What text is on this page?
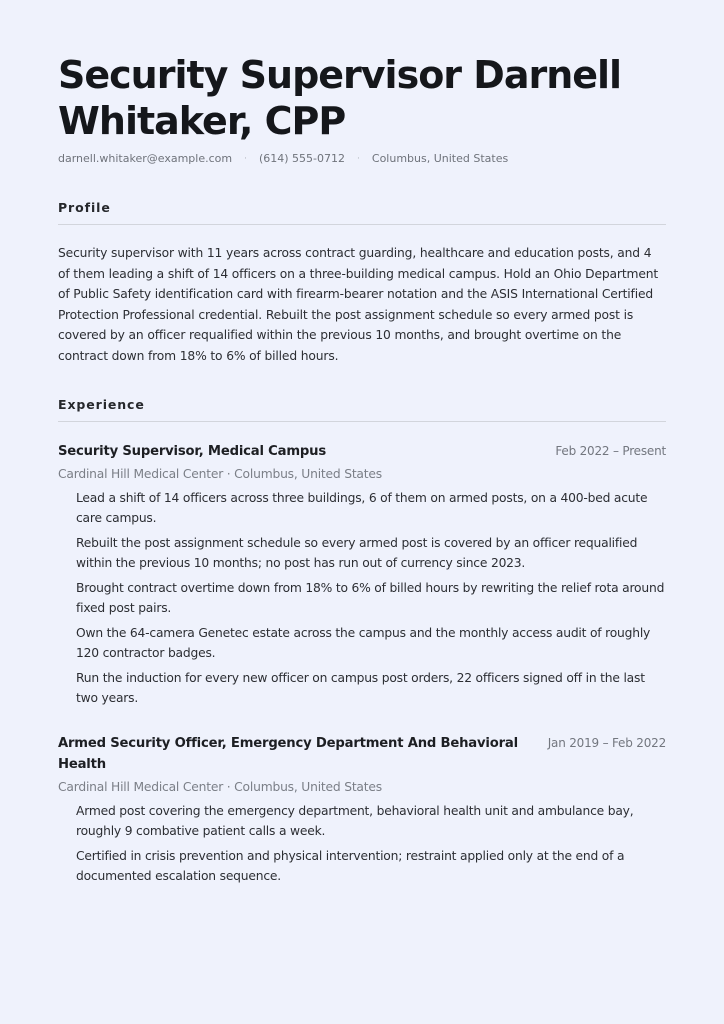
Security Supervisor Darnell Whitaker, CPP
darnell.whitaker@example.com · (614) 555-0712 · Columbus, United States
Profile

Security supervisor with 11 years across contract guarding, healthcare and education posts, and 4 of them leading a shift of 14 officers on a three-building medical campus. Hold an Ohio Department of Public Safety identification card with firearm-bearer notation and the ASIS International Certified Protection Professional credential. Rebuilt the post assignment schedule so every armed post is covered by an officer requalified within the previous 10 months, and brought overtime on the contract down from 18% to 6% of billed hours.

Experience
Security Supervisor, Medical Campus	Feb 2022 – Present
Cardinal Hill Medical Center · Columbus, United States
Lead a shift of 14 officers across three buildings, 6 of them on armed posts, on a 400-bed acute care campus.
Rebuilt the post assignment schedule so every armed post is covered by an officer requalified within the previous 10 months; no post has run out of currency since 2023.
Brought contract overtime down from 18% to 6% of billed hours by rewriting the relief rota around fixed post pairs.
Own the 64-camera Genetec estate across the campus and the monthly access audit of roughly 120 contractor badges.
Run the induction for every new officer on campus post orders, 22 officers signed off in the last two years.
Armed Security Officer, Emergency Department And Behavioral Health
Jan 2019 – Feb 2022
Cardinal Hill Medical Center · Columbus, United States
Armed post covering the emergency department, behavioral health unit and ambulance bay, roughly 9 combative patient calls a week.
Certified in crisis prevention and physical intervention; restraint applied only at the end of a documented escalation sequence.
